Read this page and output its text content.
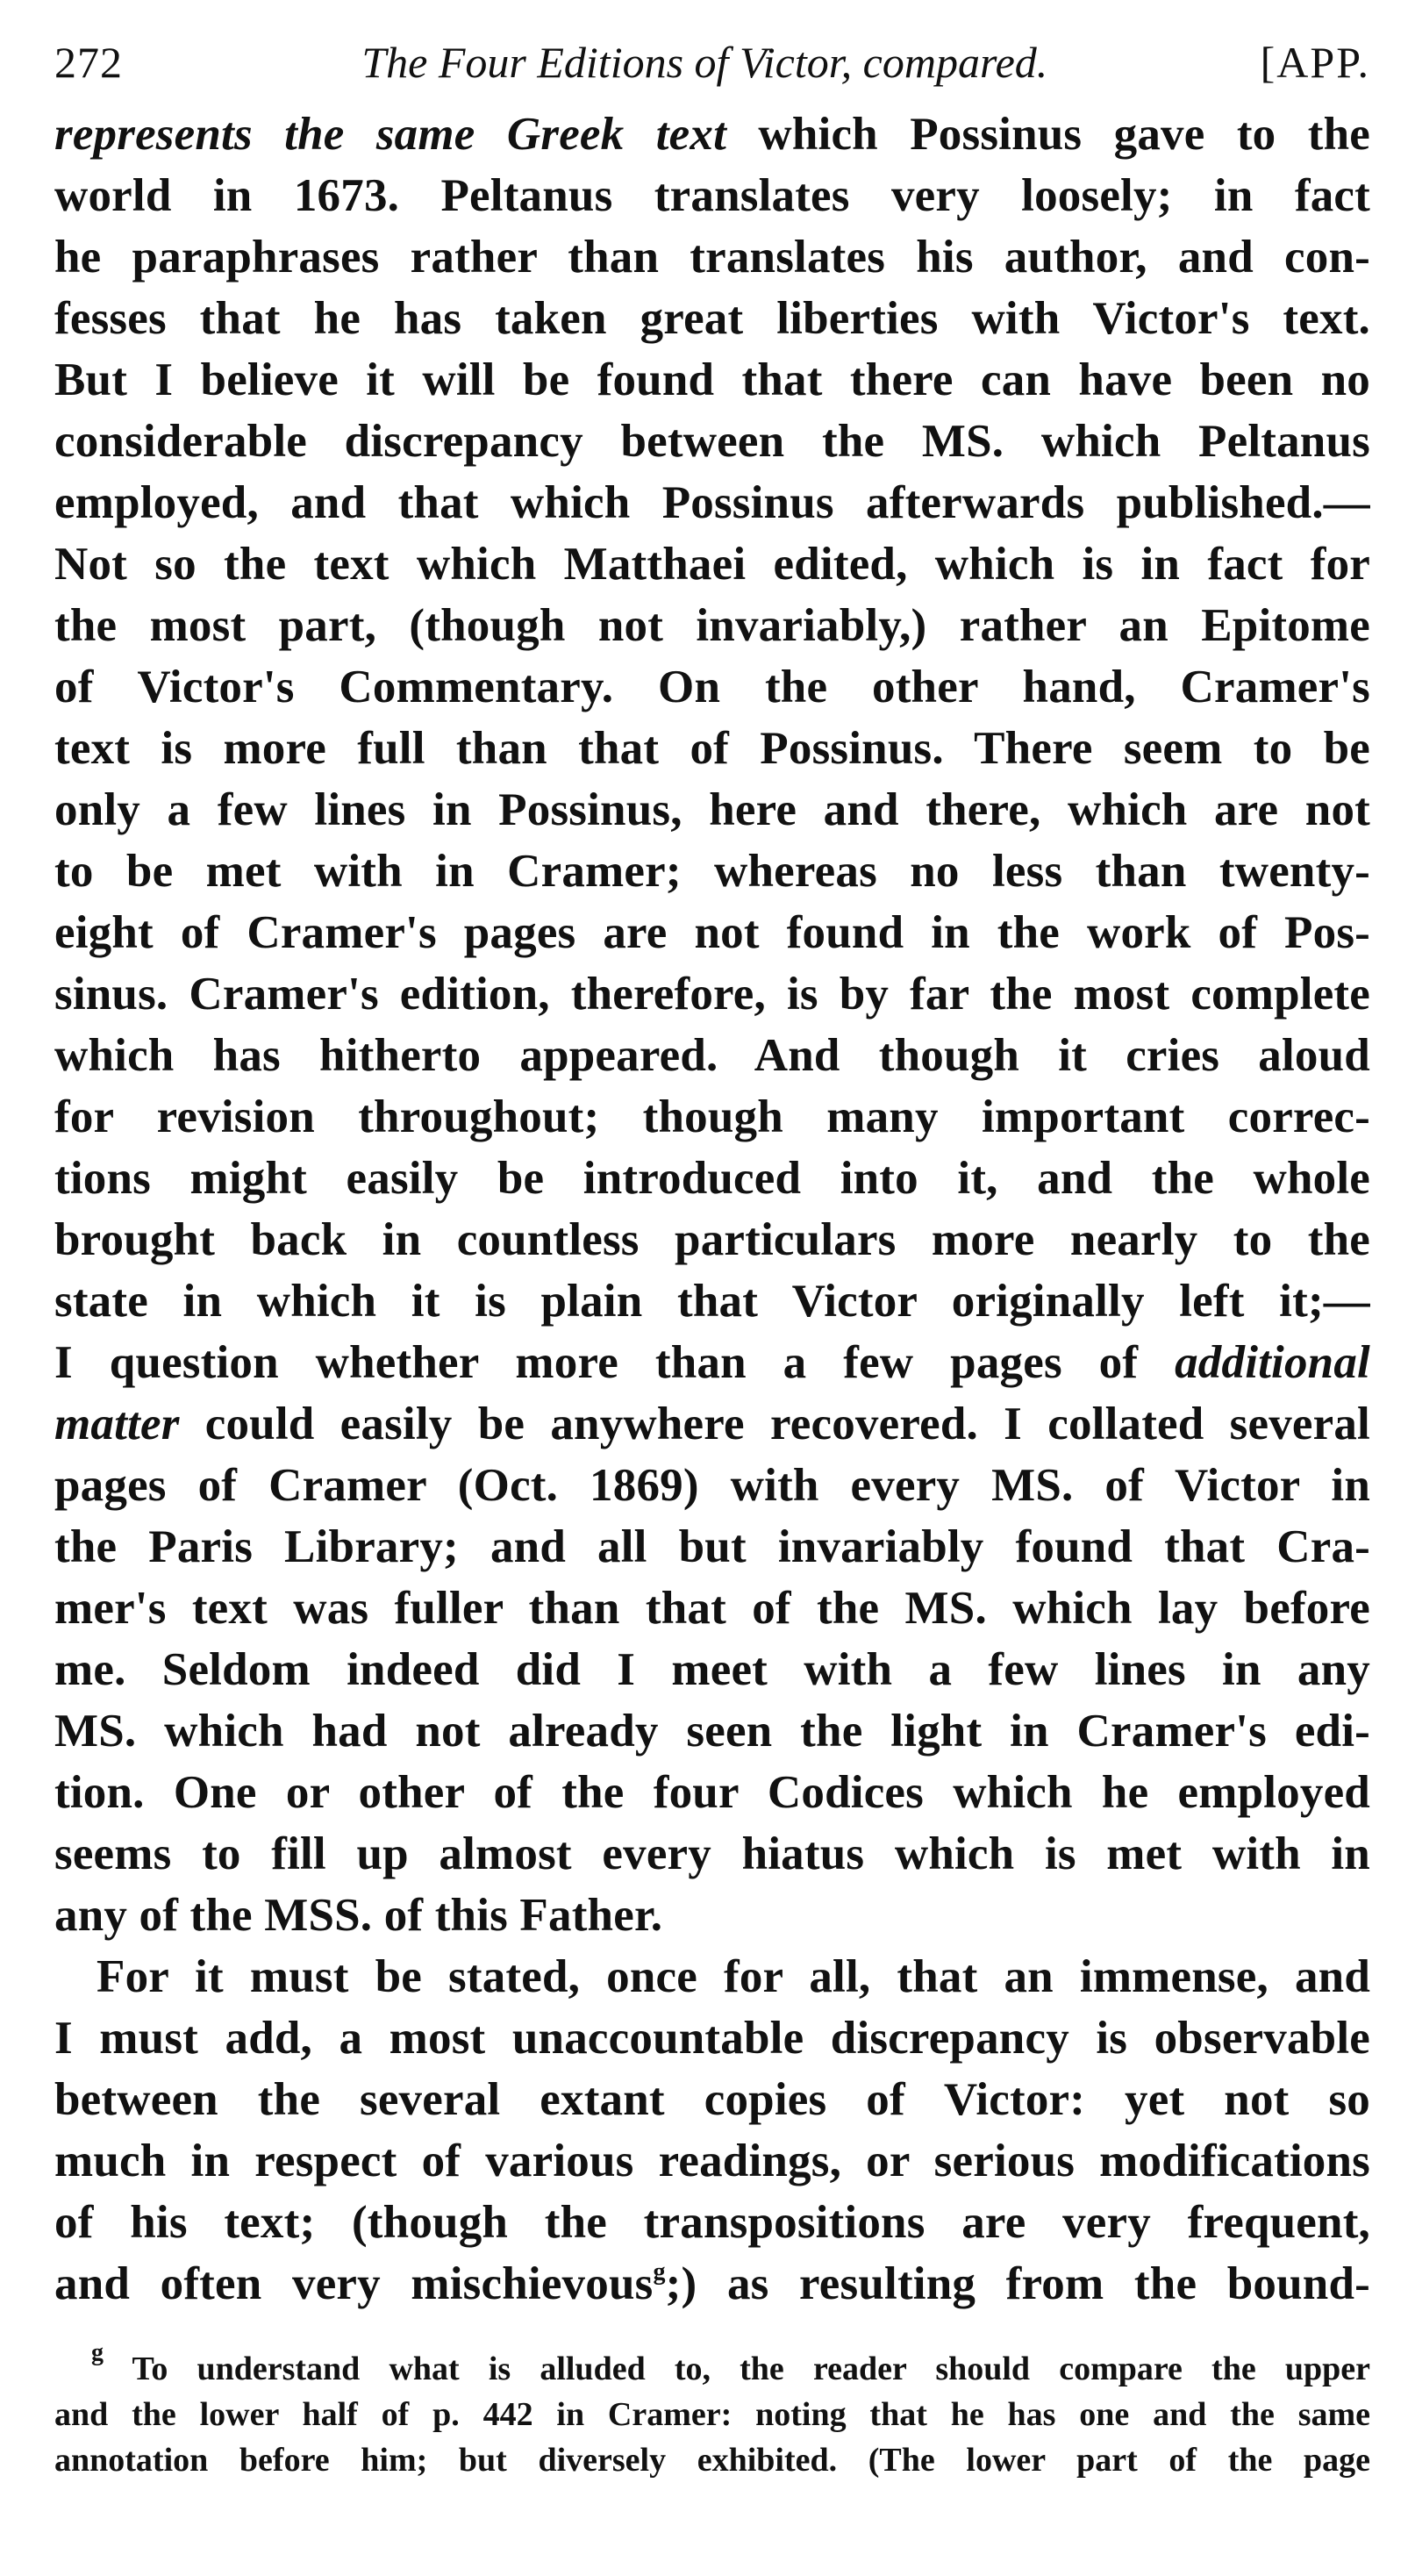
272	The Four Editions of Victor, compared.	[APP.
represents the same Greek text which Possinus gave to the
world in 1673. Peltanus translates very loosely; in fact
he paraphrases rather than translates his author, and con-
fesses that he has taken great liberties with Victor's text.
But I believe it will be found that there can have been no
considerable discrepancy between the MS. which Peltanus
employed, and that which Possinus afterwards published.—
Not so the text which Matthaei edited, which is in fact for
the most part, (though not invariably,) rather an Epitome
of Victor's Commentary. On the other hand, Cramer's
text is more full than that of Possinus. There seem to be
only a few lines in Possinus, here and there, which are not
to be met with in Cramer; whereas no less than twenty-
eight of Cramer's pages are not found in the work of Pos-
sinus. Cramer's edition, therefore, is by far the most complete
which has hitherto appeared. And though it cries aloud
for revision throughout; though many important correc-
tions might easily be introduced into it, and the whole
brought back in countless particulars more nearly to the
state in which it is plain that Victor originally left it;—
I question whether more than a few pages of additional
matter could easily be anywhere recovered. I collated several
pages of Cramer (Oct. 1869) with every MS. of Victor in
the Paris Library; and all but invariably found that Cra-
mer's text was fuller than that of the MS. which lay before
me. Seldom indeed did I meet with a few lines in any
MS. which had not already seen the light in Cramer's edi-
tion. One or other of the four Codices which he employed
seems to fill up almost every hiatus which is met with in
any of the MSS. of this Father.
For it must be stated, once for all, that an immense, and
I must add, a most unaccountable discrepancy is observable
between the several extant copies of Victor: yet not so
much in respect of various readings, or serious modifications
of his text; (though the transpositions are very frequent,
and often very mischievous$^g$;) as resulting from the bound-
$^g$ To understand what is alluded to, the reader should compare the upper
and the lower half of p. 442 in Cramer: noting that he has one and the same
annotation before him; but diversely exhibited. (The lower part of the page
